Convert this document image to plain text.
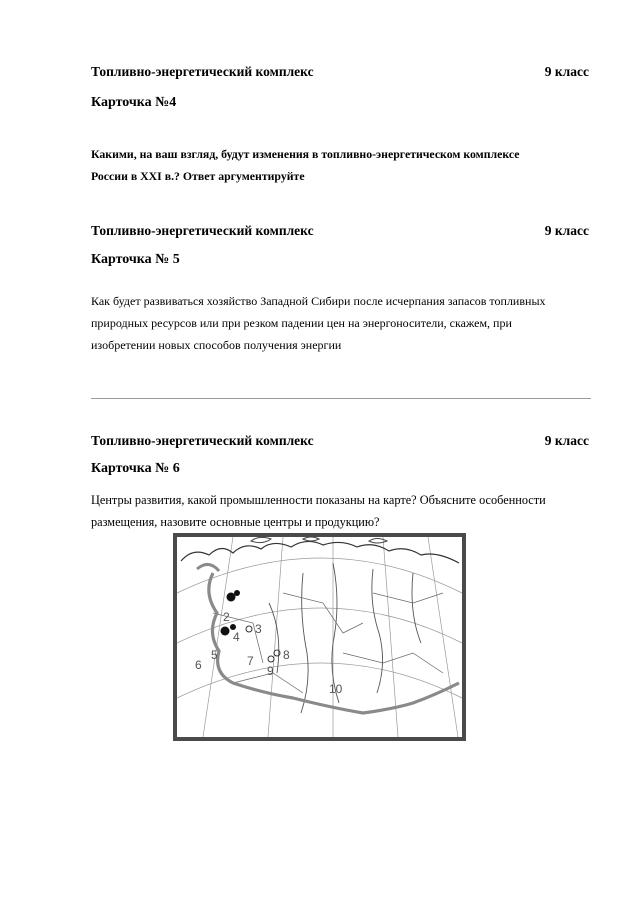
Топливно-энергетический комплекс	9 класс
Карточка №4
Какими, на ваш взгляд, будут изменения в топливно-энергетическом комплексе
России в XXI в.? Ответ аргументируйте
Топливно-энергетический комплекс	9 класс
Карточка № 5
Как будет развиваться хозяйство Западной Сибири после исчерпания запасов топливных
природных ресурсов или при резком падении цен на энергоносители, скажем, при
изобретении новых способов получения энергии
Топливно-энергетический комплекс	9 класс
Карточка № 6
Центры развития, какой промышленности показаны на карте? Объясните особенности
размещения, назовите основные центры и продукцию?
2
3
4
5
6	7 8
9
10
